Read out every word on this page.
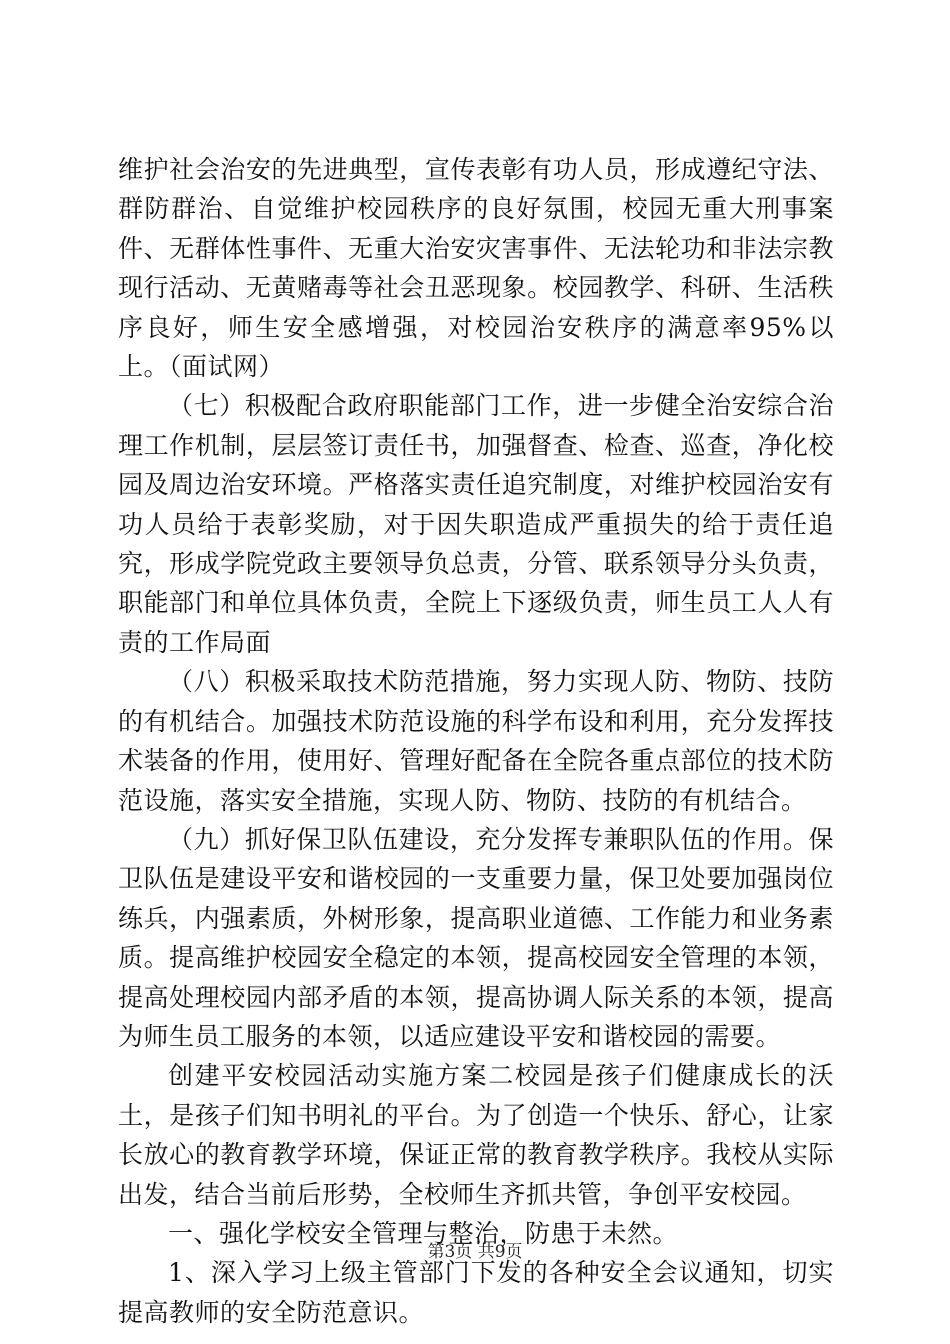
维护社会治安的先进典型，宣传表彰有功人员，形成遵纪守法、群防群治、自觉维护校园秩序的良好氛围，校园无重大刑事案件、无群体性事件、无重大治安灾害事件、无法轮功和非法宗教现行活动、无黄赌毒等社会丑恶现象。校园教学、科研、生活秩序良好，师生安全感增强，对校园治安秩序的满意率95%以上。（面试网）

（七）积极配合政府职能部门工作，进一步健全治安综合治理工作机制，层层签订责任书，加强督查、检查、巡查，净化校园及周边治安环境。严格落实责任追究制度，对维护校园治安有功人员给于表彰奖励，对于因失职造成严重损失的给于责任追究，形成学院党政主要领导负总责，分管、联系领导分头负责，职能部门和单位具体负责，全院上下逐级负责，师生员工人人有责的工作局面

（八）积极采取技术防范措施，努力实现人防、物防、技防的有机结合。加强技术防范设施的科学布设和利用，充分发挥技术装备的作用，使用好、管理好配备在全院各重点部位的技术防范设施，落实安全措施，实现人防、物防、技防的有机结合。

（九）抓好保卫队伍建设，充分发挥专兼职队伍的作用。保卫队伍是建设平安和谐校园的一支重要力量，保卫处要加强岗位练兵，内强素质，外树形象，提高职业道德、工作能力和业务素质。提高维护校园安全稳定的本领，提高校园安全管理的本领，提高处理校园内部矛盾的本领，提高协调人际关系的本领，提高为师生员工服务的本领，以适应建设平安和谐校园的需要。

创建平安校园活动实施方案二校园是孩子们健康成长的沃土，是孩子们知书明礼的平台。为了创造一个快乐、舒心，让家长放心的教育教学环境，保证正常的教育教学秩序。我校从实际出发，结合当前后形势，全校师生齐抓共管，争创平安校园。

一、强化学校安全管理与整治，防患于未然。

1、深入学习上级主管部门下发的各种安全会议通知，切实提高教师的安全防范意识。

第3页 共9页
